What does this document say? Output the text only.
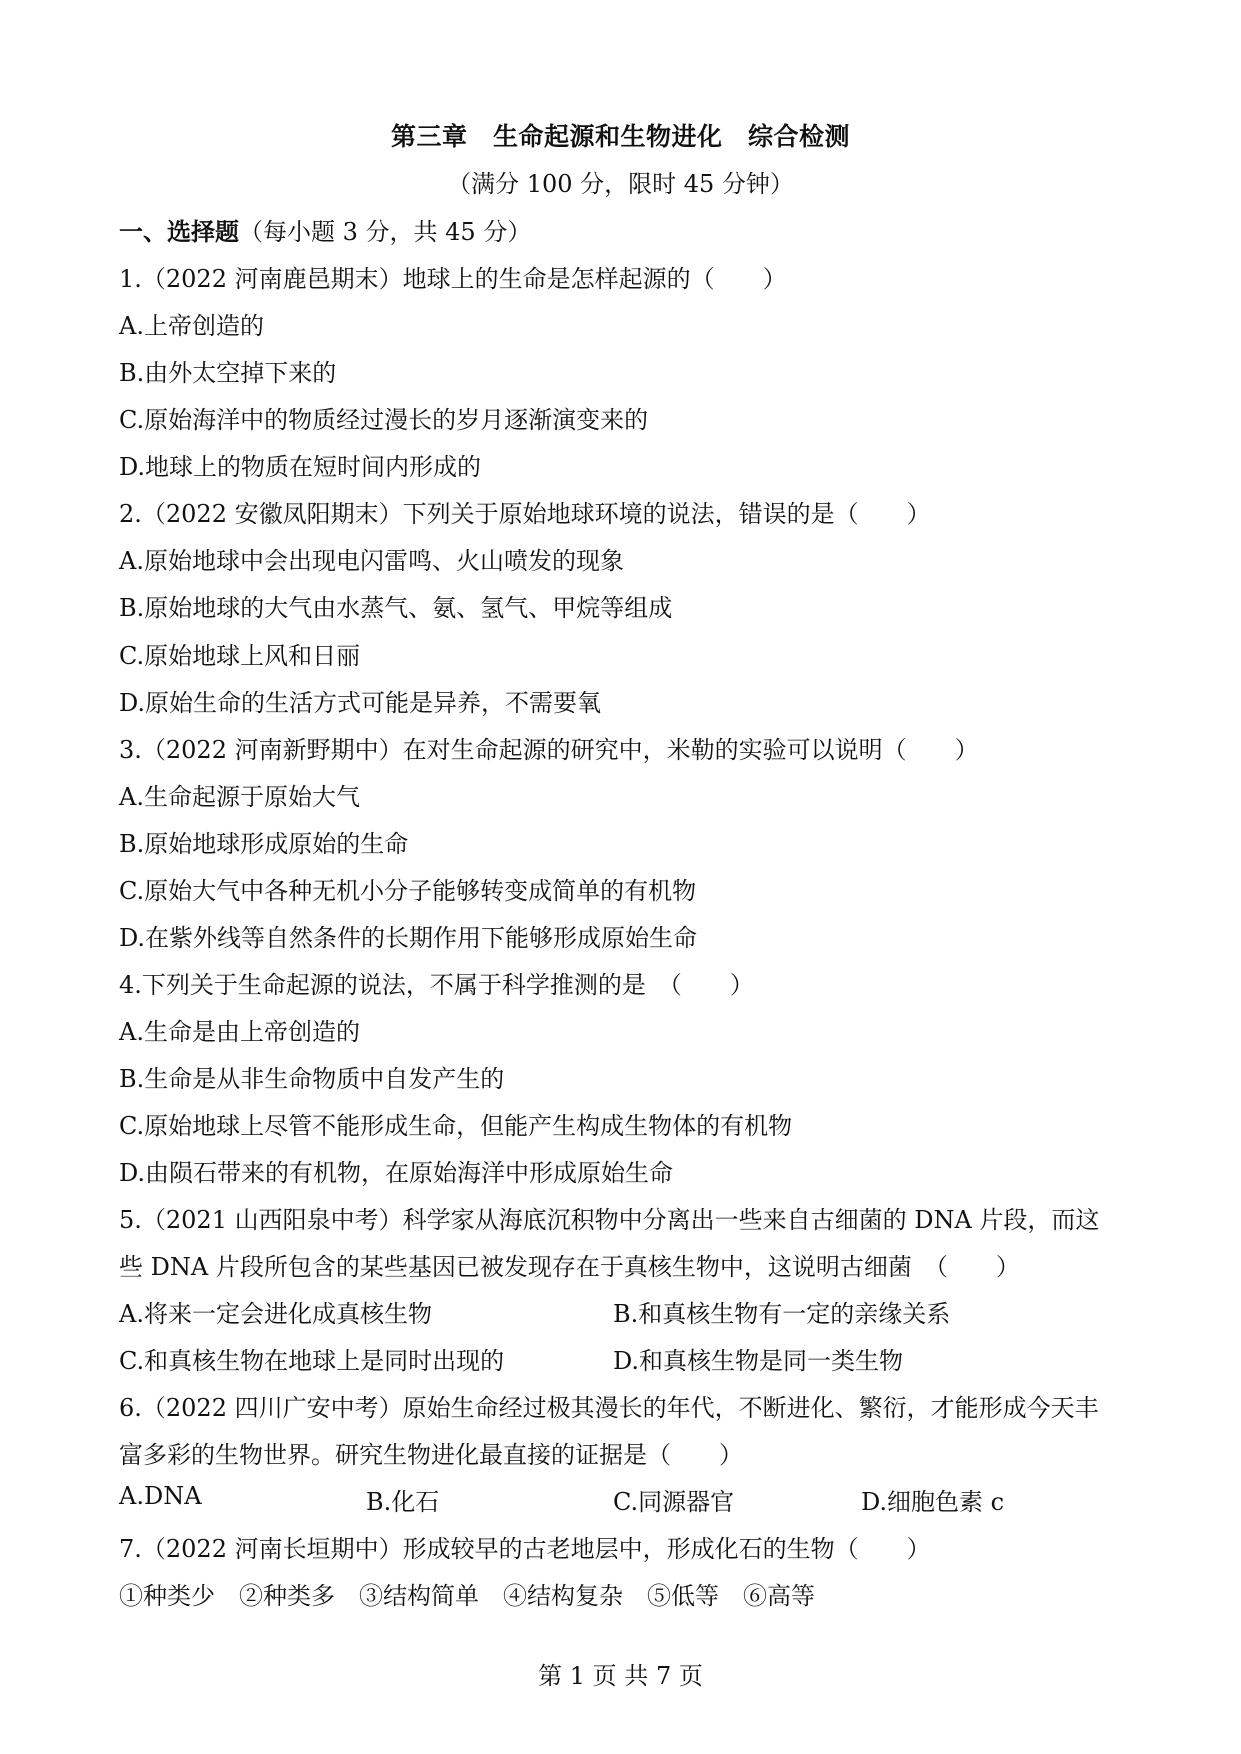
第三章　生命起源和生物进化　综合检测
（满分 100 分，限时 45 分钟）
一、选择题（每小题 3 分，共 45 分）
1.（2022 河南鹿邑期末）地球上的生命是怎样起源的（　　）
A.上帝创造的
B.由外太空掉下来的
C.原始海洋中的物质经过漫长的岁月逐渐演变来的
D.地球上的物质在短时间内形成的
2.（2022 安徽凤阳期末）下列关于原始地球环境的说法，错误的是（　　）
A.原始地球中会出现电闪雷鸣、火山喷发的现象
B.原始地球的大气由水蒸气、氨、氢气、甲烷等组成
C.原始地球上风和日丽
D.原始生命的生活方式可能是异养，不需要氧
3.（2022 河南新野期中）在对生命起源的研究中，米勒的实验可以说明（　　）
A.生命起源于原始大气
B.原始地球形成原始的生命
C.原始大气中各种无机小分子能够转变成简单的有机物
D.在紫外线等自然条件的长期作用下能够形成原始生命
4.下列关于生命起源的说法，不属于科学推测的是　（　　）
A.生命是由上帝创造的
B.生命是从非生命物质中自发产生的
C.原始地球上尽管不能形成生命，但能产生构成生物体的有机物
D.由陨石带来的有机物，在原始海洋中形成原始生命
5.（2021 山西阳泉中考）科学家从海底沉积物中分离出一些来自古细菌的 DNA 片段，而这
些 DNA 片段所包含的某些基因已被发现存在于真核生物中，这说明古细菌　（　　）
A.将来一定会进化成真核生物	B.和真核生物有一定的亲缘关系
C.和真核生物在地球上是同时出现的	D.和真核生物是同一类生物
6.（2022 四川广安中考）原始生命经过极其漫长的年代，不断进化、繁衍，才能形成今天丰
富多彩的生物世界。研究生物进化最直接的证据是（　　）
A.DNA	B.化石	C.同源器官	D.细胞色素 c
7.（2022 河南长垣期中）形成较早的古老地层中，形成化石的生物（　　）
①种类少　②种类多　③结构简单　④结构复杂　⑤低等　⑥高等
第 1 页 共 7 页
